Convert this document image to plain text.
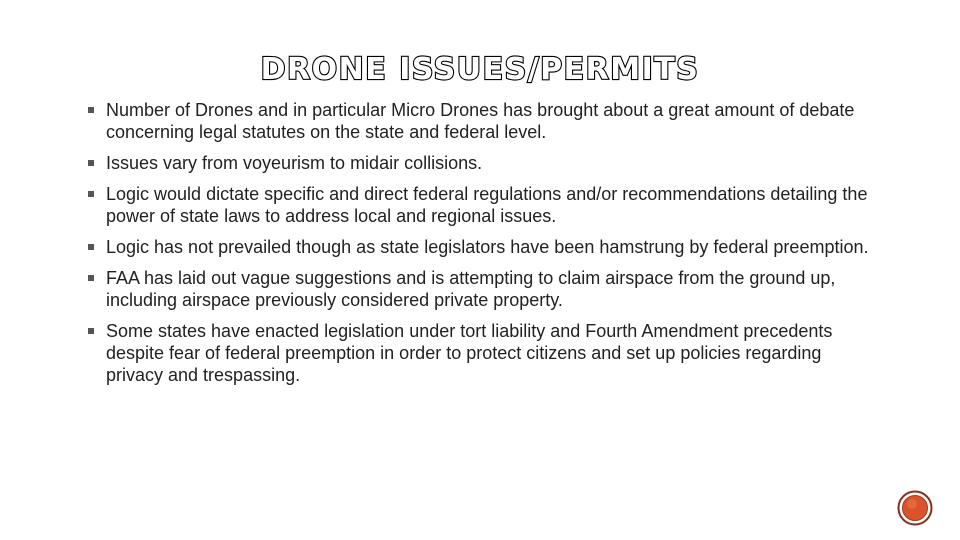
DRONE ISSUES/PERMITS
Number of Drones and in particular Micro Drones has brought about a great amount of debate concerning legal statutes on the state and federal level.
Issues vary from voyeurism to midair collisions.
Logic would dictate specific and direct federal regulations and/or recommendations detailing the power of state laws to address local and regional issues.
Logic has not prevailed though as state legislators have been hamstrung by federal preemption.
FAA has laid out vague suggestions and is attempting to claim airspace from the ground up, including airspace previously considered private property.
Some states have enacted legislation under tort liability and Fourth Amendment precedents despite fear of federal preemption in order to protect citizens and set up policies regarding privacy and trespassing.
